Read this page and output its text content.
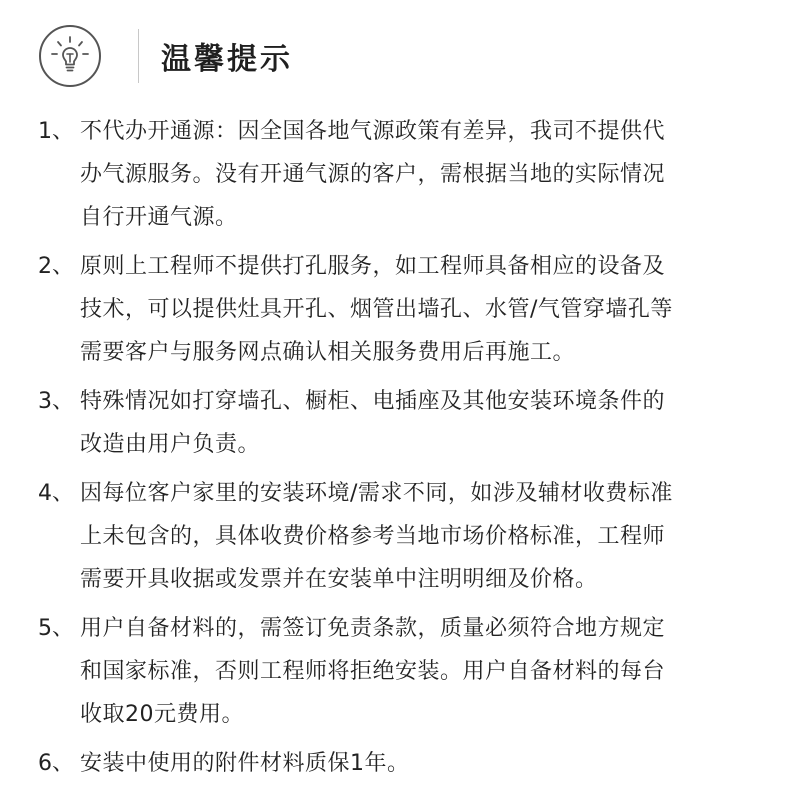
温馨提示
1、 不代办开通源：因全国各地气源政策有差异，我司不提供代
办气源服务。没有开通气源的客户，需根据当地的实际情况
自行开通气源。
2、 原则上工程师不提供打孔服务，如工程师具备相应的设备及
技术，可以提供灶具开孔、烟管出墙孔、水管/气管穿墙孔等
需要客户与服务网点确认相关服务费用后再施工。
3、 特殊情况如打穿墙孔、橱柜、电插座及其他安装环境条件的
改造由用户负责。
4、 因每位客户家里的安装环境/需求不同，如涉及辅材收费标准
上未包含的，具体收费价格参考当地市场价格标准，工程师
需要开具收据或发票并在安装单中注明明细及价格。
5、 用户自备材料的，需签订免责条款，质量必须符合地方规定
和国家标准，否则工程师将拒绝安装。用户自备材料的每台
收取20元费用。
6、 安装中使用的附件材料质保1年。
